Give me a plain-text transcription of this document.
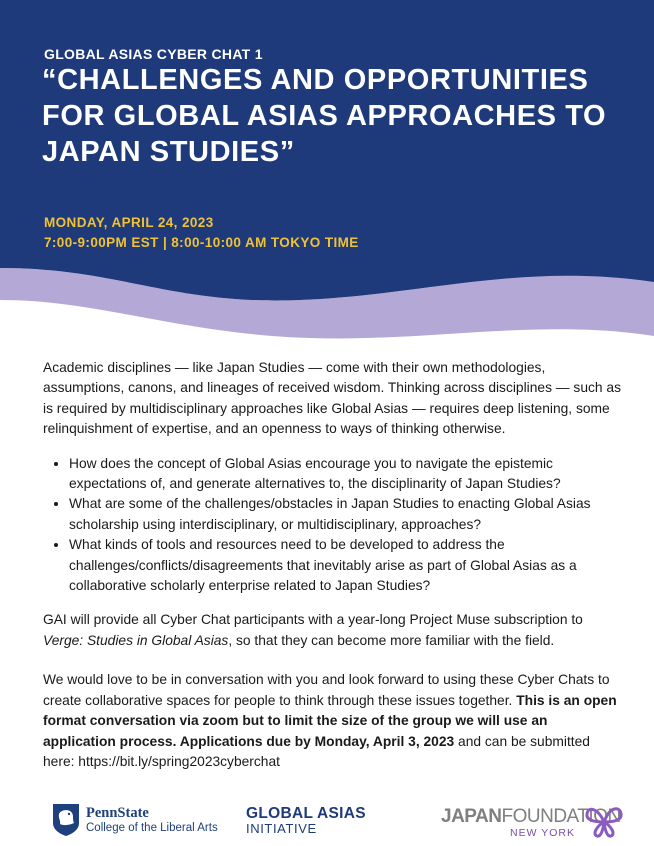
GLOBAL ASIAS CYBER CHAT 1
“CHALLENGES AND OPPORTUNITIES FOR GLOBAL ASIAS APPROACHES TO JAPAN STUDIES”
MONDAY, APRIL 24, 2023
7:00-9:00PM EST | 8:00-10:00 AM TOKYO TIME

Academic disciplines — like Japan Studies — come with their own methodologies, assumptions, canons, and lineages of received wisdom. Thinking across disciplines — such as is required by multidisciplinary approaches like Global Asias — requires deep listening, some relinquishment of expertise, and an openness to ways of thinking otherwise.

• How does the concept of Global Asias encourage you to navigate the epistemic expectations of, and generate alternatives to, the disciplinarity of Japan Studies?
• What are some of the challenges/obstacles in Japan Studies to enacting Global Asias scholarship using interdisciplinary, or multidisciplinary, approaches?
• What kinds of tools and resources need to be developed to address the challenges/conflicts/disagreements that inevitably arise as part of Global Asias as a collaborative scholarly enterprise related to Japan Studies?

GAI will provide all Cyber Chat participants with a year-long Project Muse subscription to Verge: Studies in Global Asias, so that they can become more familiar with the field.

We would love to be in conversation with you and look forward to using these Cyber Chats to create collaborative spaces for people to think through these issues together. This is an open format conversation via zoom but to limit the size of the group we will use an application process. Applications due by Monday, April 3, 2023 and can be submitted here: https://bit.ly/spring2023cyberchat

PennState
College of the Liberal Arts
GLOBAL ASIAS
INITIATIVE
JAPANFOUNDATION
NEW YORK
